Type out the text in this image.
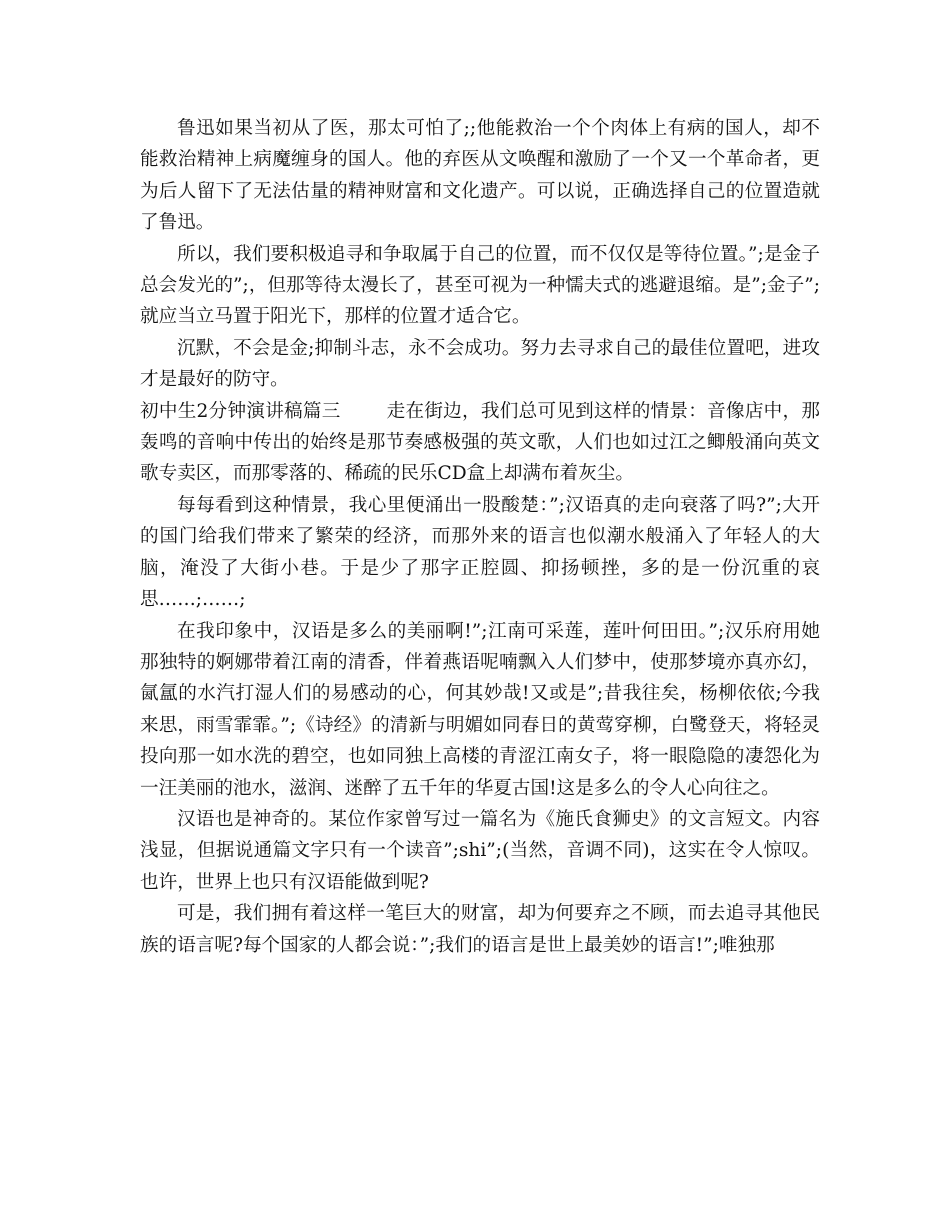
鲁迅如果当初从了医，那太可怕了;;他能救治一个个肉体上有病的国人，却不能救治精神上病魔缠身的国人。他的弃医从文唤醒和激励了一个又一个革命者，更为后人留下了无法估量的精神财富和文化遗产。可以说，正确选择自己的位置造就了鲁迅。

所以，我们要积极追寻和争取属于自己的位置，而不仅仅是等待位置。”;是金子总会发光的”;，但那等待太漫长了，甚至可视为一种懦夫式的逃避退缩。是”;金子”;就应当立马置于阳光下，那样的位置才适合它。

沉默，不会是金;抑制斗志，永不会成功。努力去寻求自己的最佳位置吧，进攻才是最好的防守。

初中生2分钟演讲稿篇三 走在街边，我们总可见到这样的情景：音像店中，那轰鸣的音响中传出的始终是那节奏感极强的英文歌，人们也如过江之鲫般涌向英文歌专卖区，而那零落的、稀疏的民乐CD盒上却满布着灰尘。

每每看到这种情景，我心里便涌出一股酸楚：”;汉语真的走向衰落了吗?”;大开的国门给我们带来了繁荣的经济，而那外来的语言也似潮水般涌入了年轻人的大脑，淹没了大街小巷。于是少了那字正腔圆、抑扬顿挫，多的是一份沉重的哀思……;……;

在我印象中，汉语是多么的美丽啊!”;江南可采莲，莲叶何田田。”;汉乐府用她那独特的婀娜带着江南的清香，伴着燕语呢喃飘入人们梦中，使那梦境亦真亦幻，氤氲的水汽打湿人们的易感动的心，何其妙哉!又或是”;昔我往矣，杨柳依依;今我来思，雨雪霏霏。”;《诗经》的清新与明媚如同春日的黄莺穿柳，白鹭登天，将轻灵投向那一如水洗的碧空，也如同独上高楼的青涩江南女子，将一眼隐隐的凄怨化为一汪美丽的池水，滋润、迷醉了五千年的华夏古国!这是多么的令人心向往之。

汉语也是神奇的。某位作家曾写过一篇名为《施氏食狮史》的文言短文。内容浅显，但据说通篇文字只有一个读音”;shi”;(当然，音调不同)，这实在令人惊叹。也许，世界上也只有汉语能做到呢?

可是，我们拥有着这样一笔巨大的财富，却为何要弃之不顾，而去追寻其他民族的语言呢?每个国家的人都会说：”;我们的语言是世上最美妙的语言!”;唯独那
